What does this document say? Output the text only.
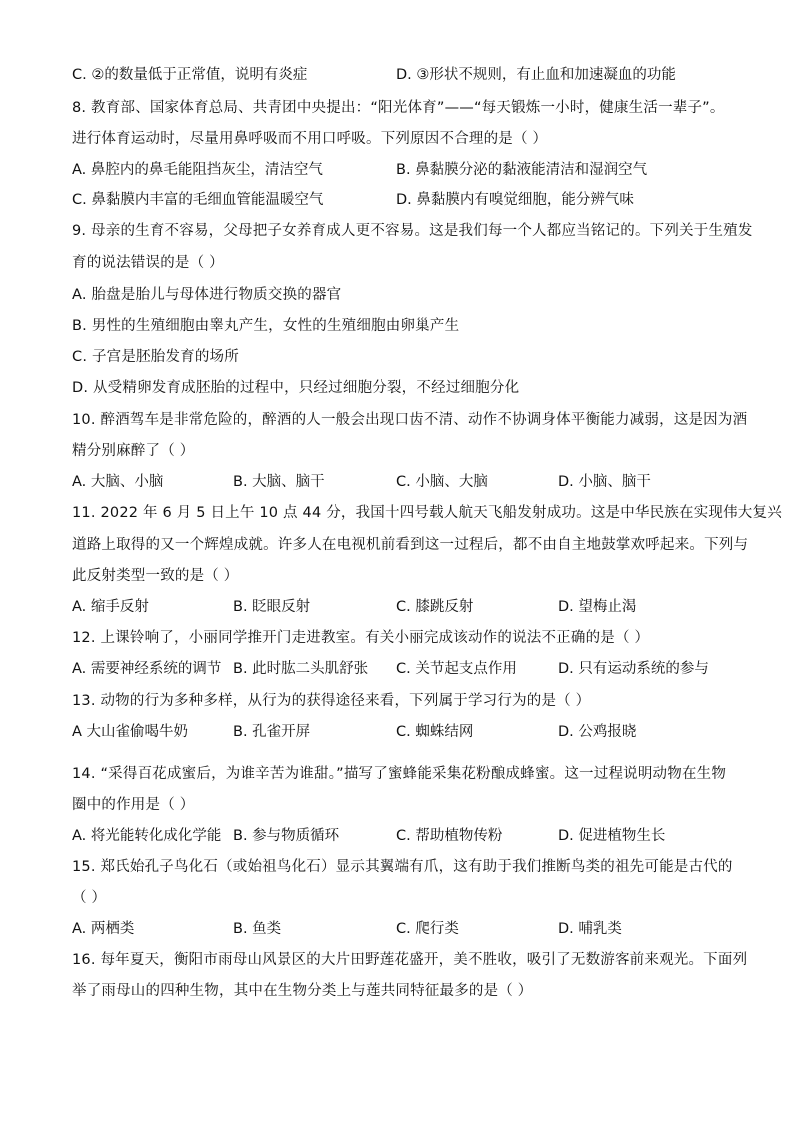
C. ②的数量低于正常值，说明有炎症	D. ③形状不规则，有止血和加速凝血的功能
8. 教育部、国家体育总局、共青团中央提出：“阳光体育”——“每天锻炼一小时，健康生活一辈子”。
进行体育运动时，尽量用鼻呼吸而不用口呼吸。下列原因不合理的是（ ）
A. 鼻腔内的鼻毛能阻挡灰尘，清洁空气	B. 鼻黏膜分泌的黏液能清洁和湿润空气
C. 鼻黏膜内丰富的毛细血管能温暖空气	D. 鼻黏膜内有嗅觉细胞，能分辨气味
9. 母亲的生育不容易，父母把子女养育成人更不容易。这是我们每一个人都应当铭记的。下列关于生殖发
育的说法错误的是（ ）
A. 胎盘是胎儿与母体进行物质交换的器官
B. 男性的生殖细胞由睾丸产生，女性的生殖细胞由卵巢产生
C. 子宫是胚胎发育的场所
D. 从受精卵发育成胚胎的过程中，只经过细胞分裂，不经过细胞分化
10. 醉酒驾车是非常危险的，醉酒的人一般会出现口齿不清、动作不协调身体平衡能力减弱，这是因为酒
精分别麻醉了（ ）
A. 大脑、小脑	B. 大脑、脑干	C. 小脑、大脑	D. 小脑、脑干
11. 2022 年 6 月 5 日上午 10 点 44 分，我国十四号载人航天飞船发射成功。这是中华民族在实现伟大复兴
道路上取得的又一个辉煌成就。许多人在电视机前看到这一过程后，都不由自主地鼓掌欢呼起来。下列与
此反射类型一致的是（ ）
A. 缩手反射	B. 眨眼反射	C. 膝跳反射	D. 望梅止渴
12. 上课铃响了，小丽同学推开门走进教室。有关小丽完成该动作的说法不正确的是（ ）
A. 需要神经系统的调节 B. 此时肱二头肌舒张 C. 关节起支点作用	D. 只有运动系统的参与
13. 动物的行为多种多样，从行为的获得途径来看，下列属于学习行为的是（ ）
A 大山雀偷喝牛奶	B. 孔雀开屏	C. 蜘蛛结网	D. 公鸡报晓
14. “采得百花成蜜后，为谁辛苦为谁甜。”描写了蜜蜂能采集花粉酿成蜂蜜。这一过程说明动物在生物
圈中的作用是（ ）
A. 将光能转化成化学能 B. 参与物质循环	C. 帮助植物传粉	D. 促进植物生长
15. 郑氏始孔子鸟化石（或始祖鸟化石）显示其翼端有爪，这有助于我们推断鸟类的祖先可能是古代的
（ ）
A. 两栖类	B. 鱼类	C. 爬行类	D. 哺乳类
16. 每年夏天，衡阳市雨母山风景区的大片田野莲花盛开，美不胜收，吸引了无数游客前来观光。下面列
举了雨母山的四种生物，其中在生物分类上与莲共同特征最多的是（ ）
